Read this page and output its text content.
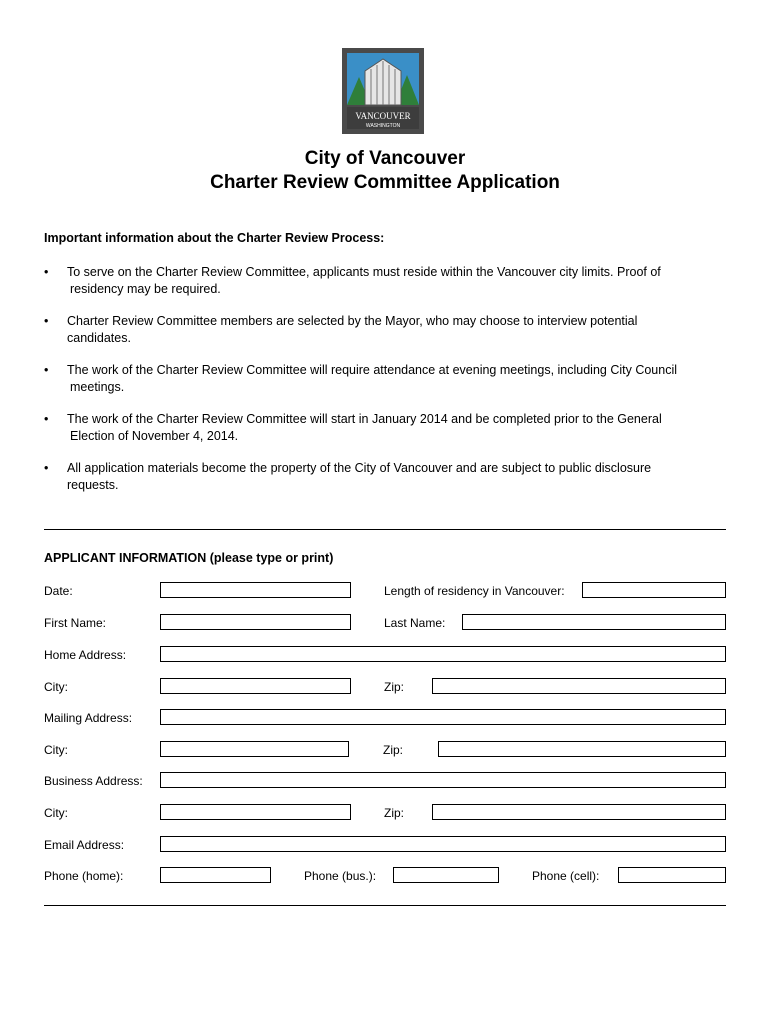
VANCOUVER
WASHINGTON
City of Vancouver
Charter Review Committee Application
Important information about the Charter Review Process:
• To serve on the Charter Review Committee, applicants must reside within the Vancouver city limits. Proof of
residency may be required.
• Charter Review Committee members are selected by the Mayor, who may choose to interview potential
candidates.
• The work of the Charter Review Committee will require attendance at evening meetings, including City Council
meetings.
• The work of the Charter Review Committee will start in January 2014 and be completed prior to the General
Election of November 4, 2014.
• All application materials become the property of the City of Vancouver and are subject to public disclosure
requests.
APPLICANT INFORMATION (please type or print)
Date:	Length of residency in Vancouver:
First Name:	Last Name:
Home Address:
City:	Zip:
Mailing Address:
City:	Zip:
Business Address:
City:	Zip:
Email Address:
Phone (home):	Phone (bus.):	Phone (cell):
